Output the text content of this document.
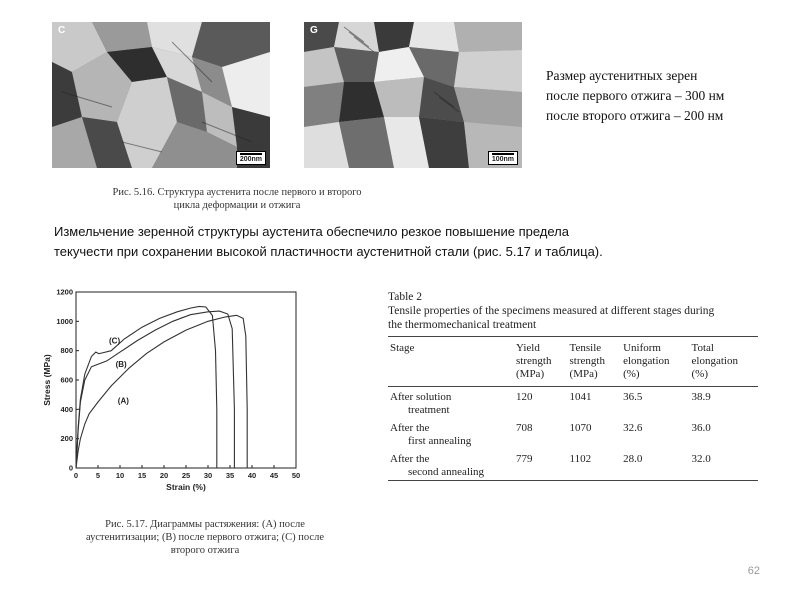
C
200nm
G
100nm
Размер аустенитных зерен
после первого отжига – 300 нм
после второго отжига – 200 нм
Рис. 5.16. Структура аустенита после первого и второго
цикла деформации и отжига
Измельчение зеренной структуры аустенита обеспечило резкое повышение предела
текучести при сохранении высокой пластичности аустенитной стали (рис. 5.17 и таблица).
0 5 10 15 20 25 30 35 40 45 50
0
200
400
600
800
1000
1200
(C)
(B)
(A)
Strain (%)
Stress (MPa)
Рис. 5.17. Диаграммы растяжения: (А) после
аустенитизации; (В) после первого отжига; (С) после
второго отжига
Table 2
Tensile properties of the specimens measured at different stages during
the thermomechanical treatment
Stage	Yield
strength
(MPa)	Tensile
strength
(MPa)	Uniform
elongation
(%)	Total
elongation
(%)
After solution
treatment	120	1041	36.5	38.9
After the
first annealing	708	1070	32.6	36.0
After the
second annealing	779	1102	28.0	32.0
62
